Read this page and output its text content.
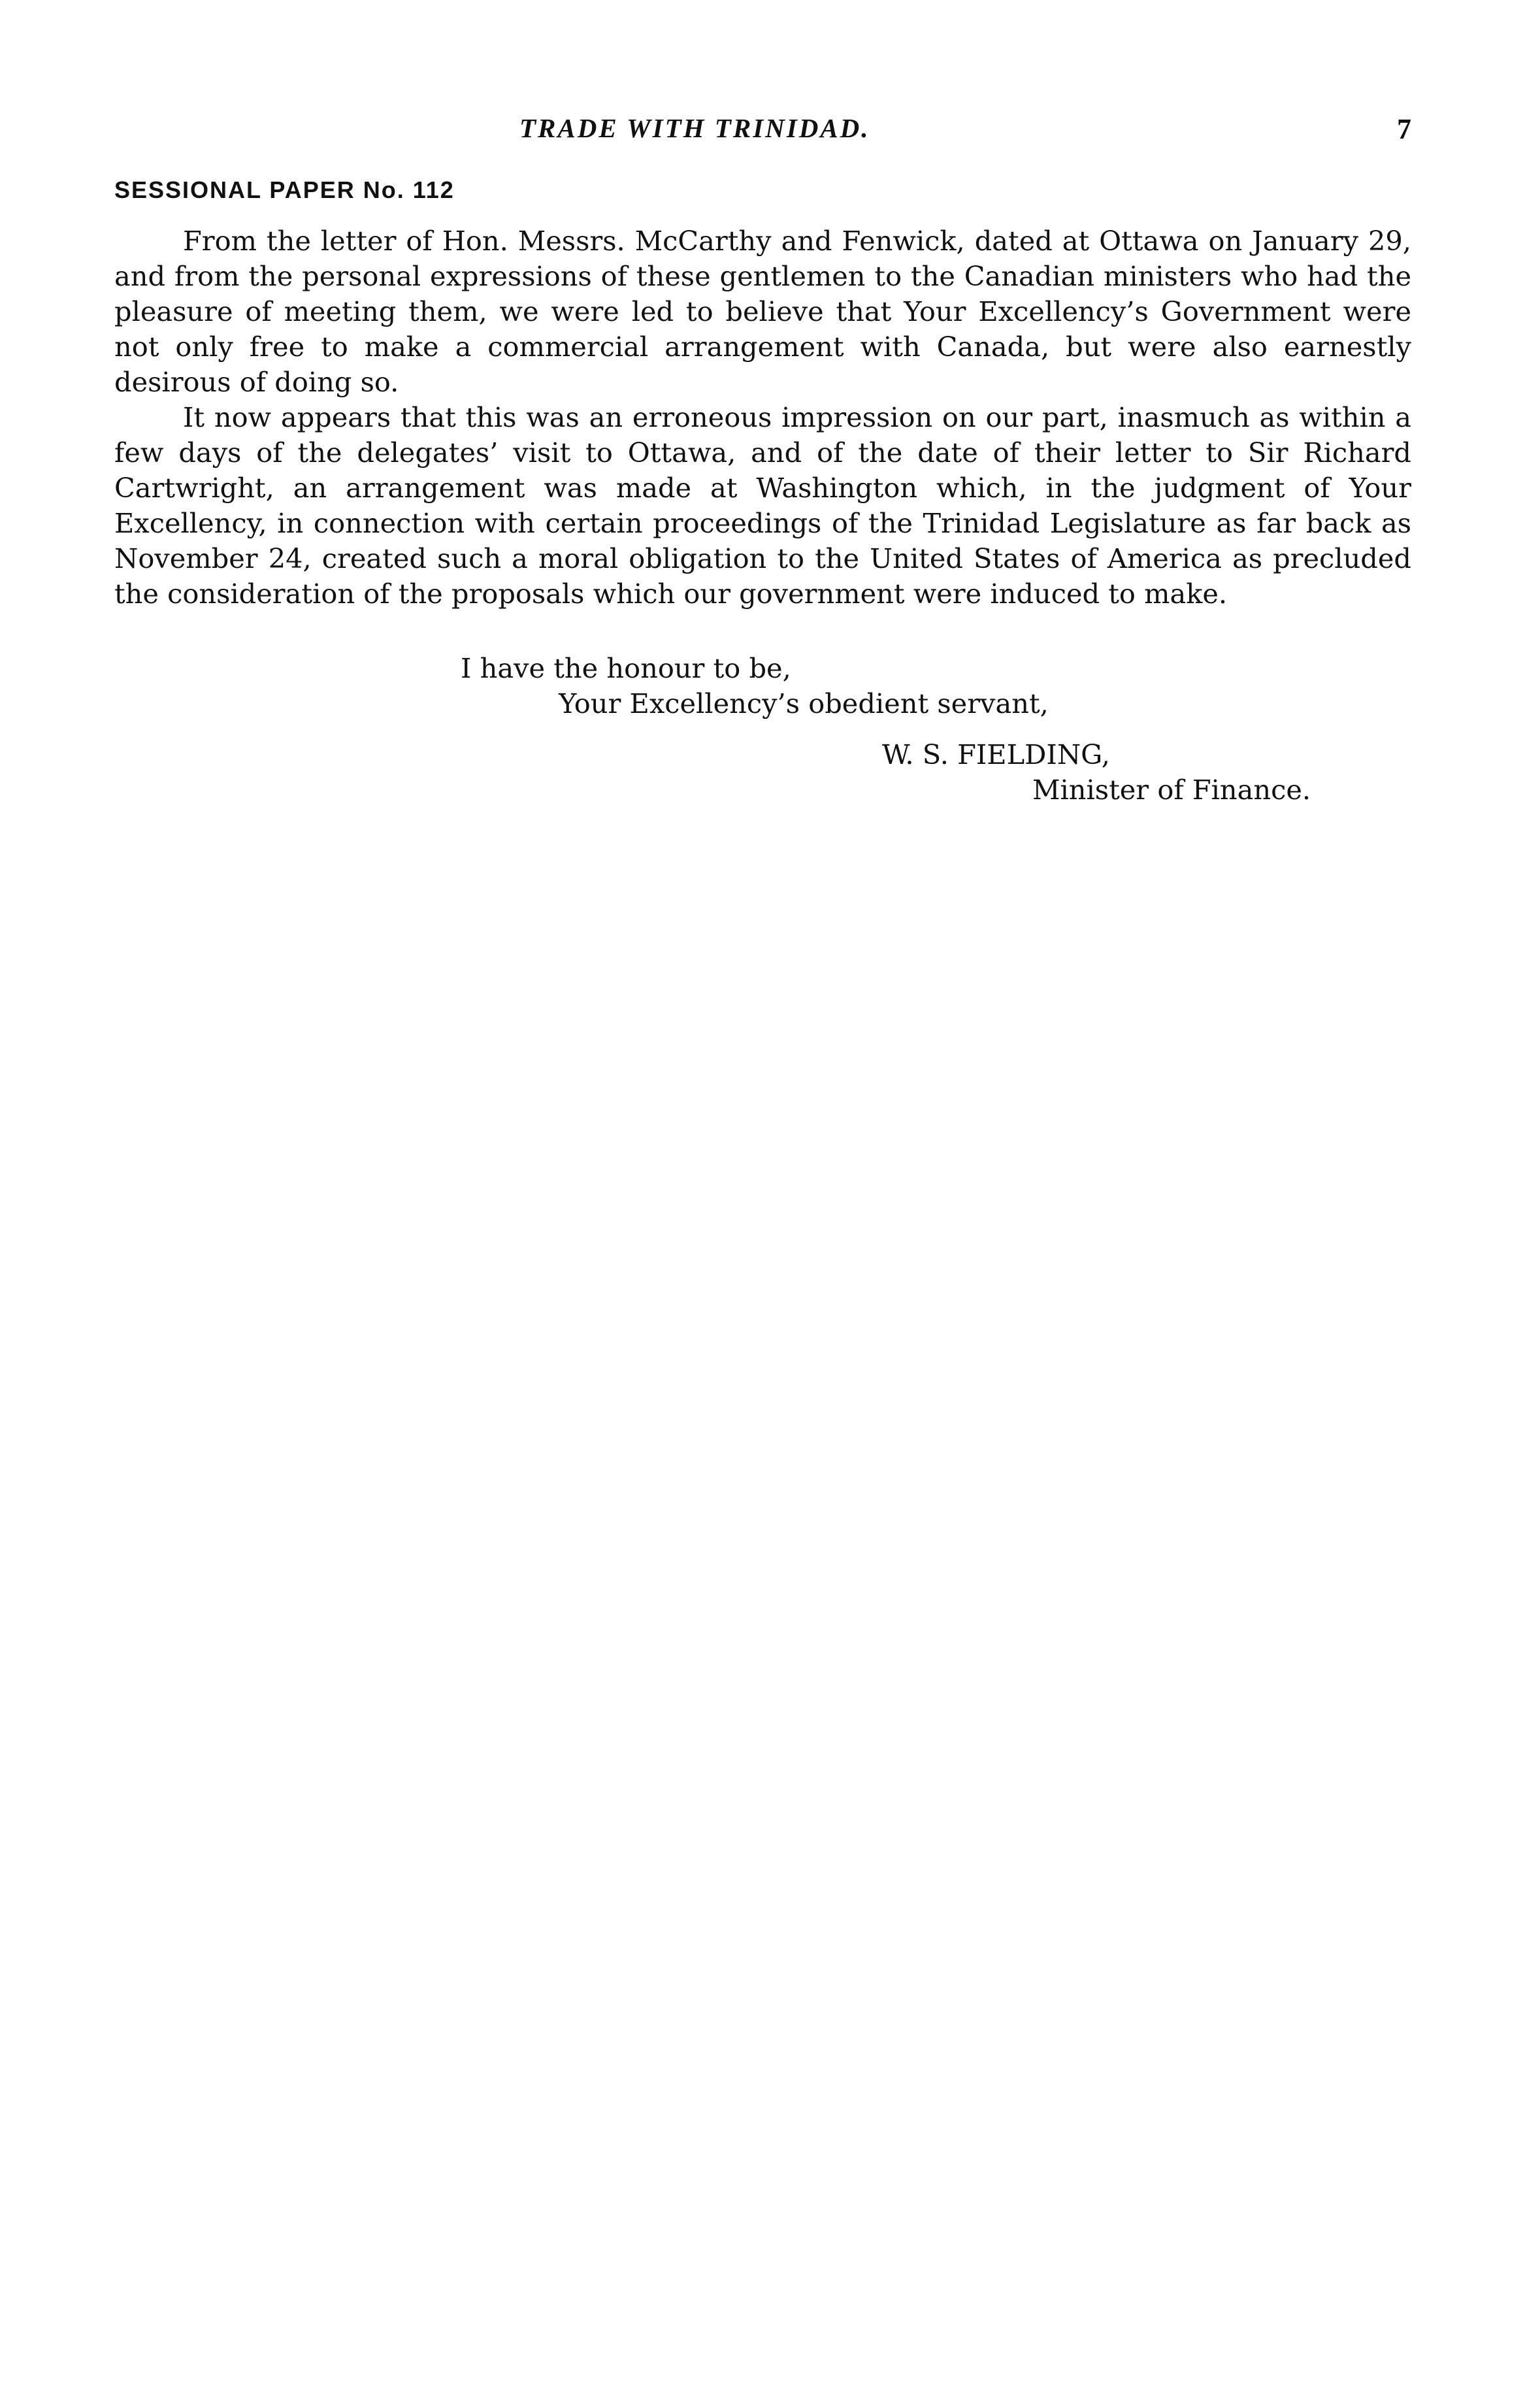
TRADE WITH TRINIDAD.	7
SESSIONAL PAPER No. 112

From the letter of Hon. Messrs. McCarthy and Fenwick, dated at Ottawa on January 29, and from the personal expressions of these gentlemen to the Canadian ministers who had the pleasure of meeting them, we were led to believe that Your Excellency’s Government were not only free to make a commercial arrangement with Canada, but were also earnestly desirous of doing so.

It now appears that this was an erroneous impression on our part, inasmuch as within a few days of the delegates’ visit to Ottawa, and of the date of their letter to Sir Richard Cartwright, an arrangement was made at Washington which, in the judgment of Your Excellency, in connection with certain proceedings of the Trinidad Legislature as far back as November 24, created such a moral obligation to the United States of America as precluded the consideration of the proposals which our government were induced to make.

I have the honour to be,
Your Excellency’s obedient servant,
W. S. FIELDING,
Minister of Finance.
